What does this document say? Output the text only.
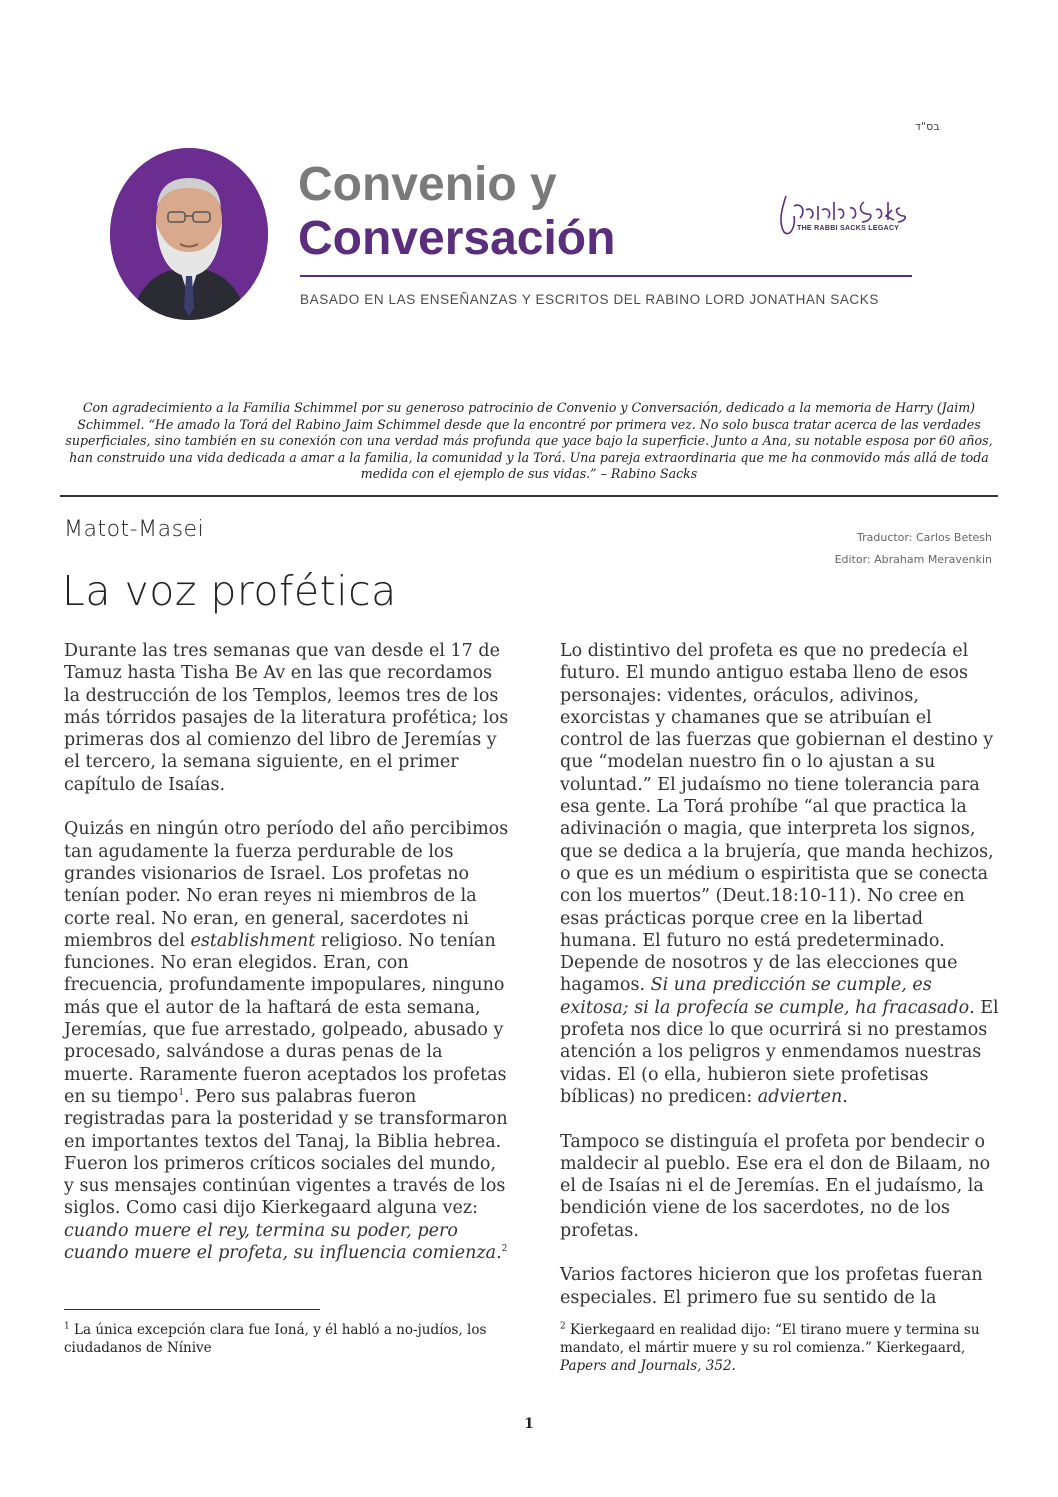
בס"ד
Convenio y
Conversación
BASADO EN LAS ENSEÑANZAS Y ESCRITOS DEL RABINO LORD JONATHAN SACKS
THE RABBI SACKS LEGACY
Con agradecimiento a la Familia Schimmel por su generoso patrocinio de Convenio y Conversación, dedicado a la memoria de Harry (Jaim) Schimmel. “He amado la Torá del Rabino Jaim Schimmel desde que la encontré por primera vez. No solo busca tratar acerca de las verdades superficiales, sino también en su conexión con una verdad más profunda que yace bajo la superficie. Junto a Ana, su notable esposa por 60 años, han construido una vida dedicada a amar a la familia, la comunidad y la Torá. Una pareja extraordinaria que me ha conmovido más allá de toda medida con el ejemplo de sus vidas.” – Rabino Sacks
Matot-Masei	Traductor: Carlos Betesh
Editor: Abraham Meravenkin
La voz profética

Durante las tres semanas que van desde el 17 de Tamuz hasta Tisha Be Av en las que recordamos la destrucción de los Templos, leemos tres de los más tórridos pasajes de la literatura profética; los primeras dos al comienzo del libro de Jeremías y el tercero, la semana siguiente, en el primer capítulo de Isaías.

Quizás en ningún otro período del año percibimos tan agudamente la fuerza perdurable de los grandes visionarios de Israel. Los profetas no tenían poder. No eran reyes ni miembros de la corte real. No eran, en general, sacerdotes ni miembros del establishment religioso. No tenían funciones. No eran elegidos. Eran, con frecuencia, profundamente impopulares, ninguno más que el autor de la haftará de esta semana, Jeremías, que fue arrestado, golpeado, abusado y procesado, salvándose a duras penas de la muerte. Raramente fueron aceptados los profetas en su tiempo$^1$. Pero sus palabras fueron registradas para la posteridad y se transformaron en importantes textos del Tanaj, la Biblia hebrea. Fueron los primeros críticos sociales del mundo, y sus mensajes continúan vigentes a través de los siglos. Como casi dijo Kierkegaard alguna vez: cuando muere el rey, termina su poder, pero cuando muere el profeta, su influencia comienza.$^2$

Lo distintivo del profeta es que no predecía el futuro. El mundo antiguo estaba lleno de esos personajes: videntes, oráculos, adivinos, exorcistas y chamanes que se atribuían el control de las fuerzas que gobiernan el destino y que “modelan nuestro fin o lo ajustan a su voluntad.” El judaísmo no tiene tolerancia para esa gente. La Torá prohíbe “al que practica la adivinación o magia, que interpreta los signos, que se dedica a la brujería, que manda hechizos, o que es un médium o espiritista que se conecta con los muertos” (Deut.18:10-11). No cree en esas prácticas porque cree en la libertad humana. El futuro no está predeterminado. Depende de nosotros y de las elecciones que hagamos. Si una predicción se cumple, es exitosa; si la profecía se cumple, ha fracasado. El profeta nos dice lo que ocurrirá si no prestamos atención a los peligros y enmendamos nuestras vidas. El (o ella, hubieron siete profetisas bíblicas) no predicen: advierten.

Tampoco se distinguía el profeta por bendecir o maldecir al pueblo. Ese era el don de Bilaam, no el de Isaías ni el de Jeremías. En el judaísmo, la bendición viene de los sacerdotes, no de los profetas.

Varios factores hicieron que los profetas fueran especiales. El primero fue su sentido de la

$^1$ La única excepción clara fue Ioná, y él habló a no-judíos, los ciudadanos de Nínive
$^2$ Kierkegaard en realidad dijo: “El tirano muere y termina su mandato, el mártir muere y su rol comienza.” Kierkegaard, Papers and Journals, 352.
1
